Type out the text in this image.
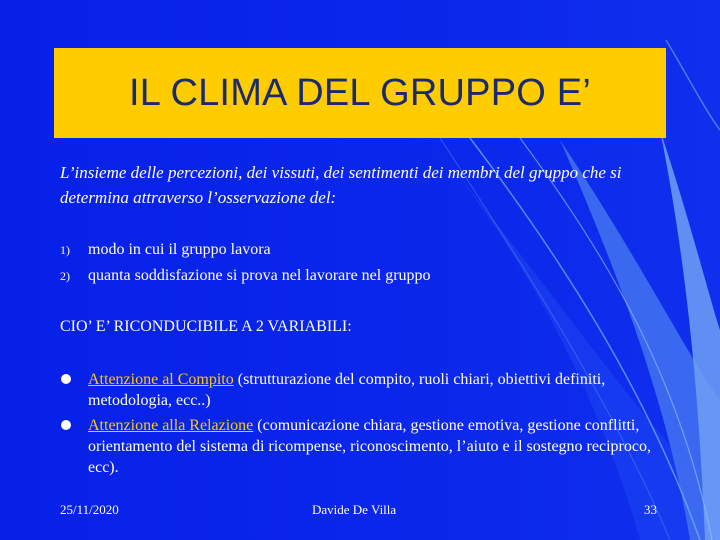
IL CLIMA DEL GRUPPO E’
L’insieme delle percezioni, dei vissuti, dei sentimenti dei membri del gruppo che si determina attraverso l’osservazione del:
1)	modo in cui il gruppo lavora
2)	quanta soddisfazione si prova nel lavorare nel gruppo
CIO’ E’ RICONDUCIBILE A 2 VARIABILI:
Attenzione al Compito (strutturazione del compito, ruoli chiari, obiettivi definiti, metodologia, ecc..)
Attenzione alla Relazione (comunicazione chiara, gestione emotiva, gestione conflitti, orientamento del sistema di ricompense, riconoscimento, l’aiuto e il sostegno reciproco, ecc).
25/11/2020	Davide De Villa	33
